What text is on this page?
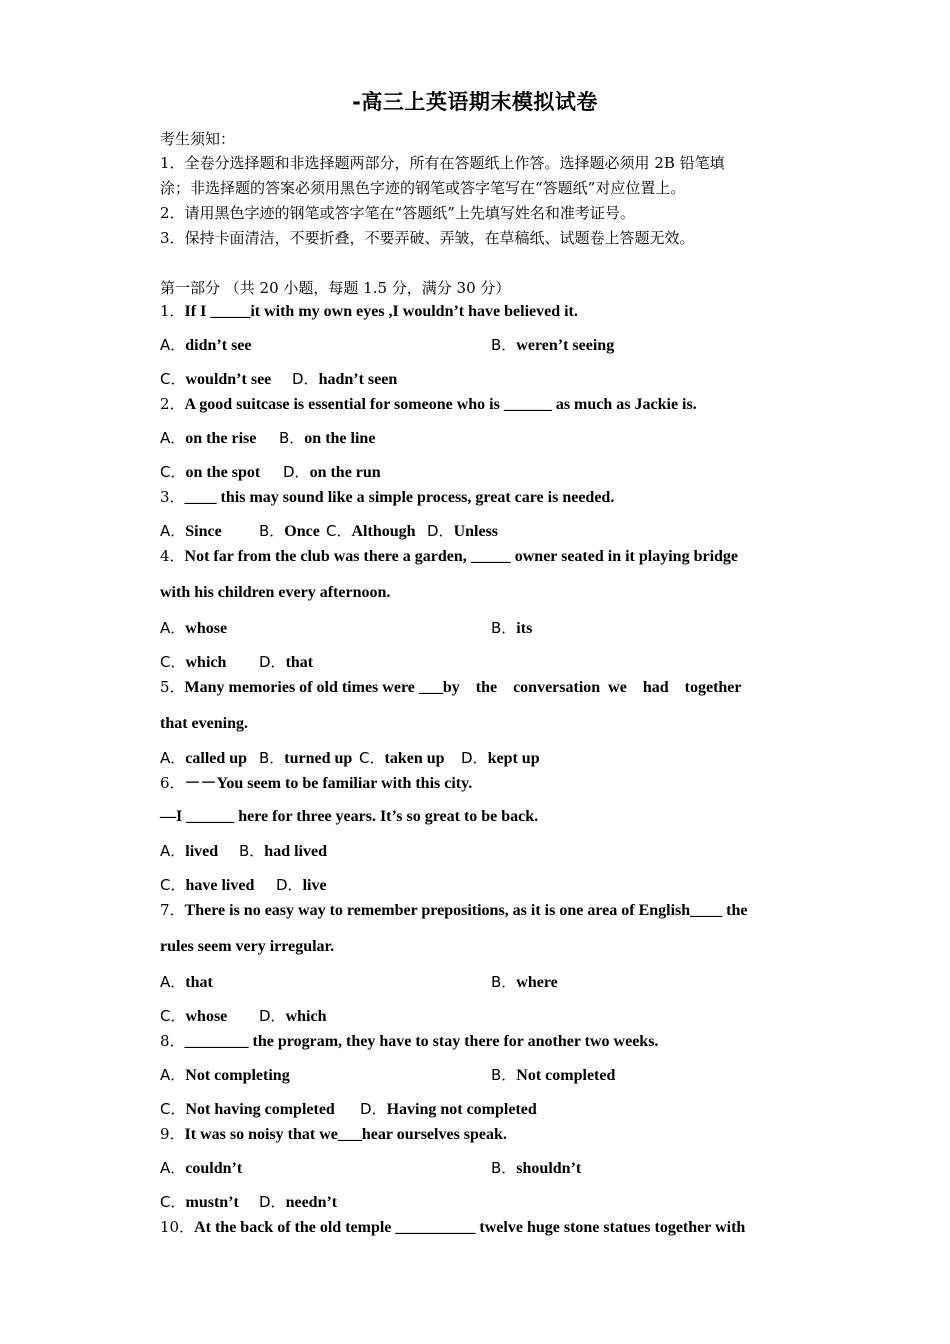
-高三上英语期末模拟试卷
考生须知：
1．全卷分选择题和非选择题两部分，所有在答题纸上作答。选择题必须用 2B 铅笔填
涂；非选择题的答案必须用黑色字迹的钢笔或答字笔写在“答题纸”对应位置上。
2．请用黑色字迹的钢笔或答字笔在“答题纸”上先填写姓名和准考证号。
3．保持卡面清洁，不要折叠，不要弄破、弄皱，在草稿纸、试题卷上答题无效。
第一部分 （共 20 小题，每题 1.5 分，满分 30 分）
1．If I _____it with my own eyes ,I wouldn’t have believed it.
A．didn’t see	B．weren’t seeing
C．wouldn’t see D．hadn’t seen
2．A good suitcase is essential for someone who is ______ as much as Jackie is.
A．on the rise B．on the line
C．on the spot D．on the run
3．____ this may sound like a simple process, great care is needed.
A．Since B．Once C．Although D．Unless
4．Not far from the club was there a garden, _____ owner seated in it playing bridge
with his children every afternoon.
A．whose	B．its
C．which D．that
5．Many memories of old times were ___by    the    conversation  we    had    together
that evening.
A．called up B．turned up C．taken up D．kept up
6．－－You seem to be familiar with this city.
—I ______ here for three years. It’s so great to be back.
A．lived B．had lived
C．have lived D．live
7．There is no easy way to remember prepositions, as it is one area of English____ the
rules seem very irregular.
A．that	B．where
C．whose D．which
8．________ the program, they have to stay there for another two weeks.
A．Not completing	B．Not completed
C．Not having completed D．Having not completed
9．It was so noisy that we___hear ourselves speak.
A．couldn’t	B．shouldn’t
C．mustn’t D．needn’t
10．At the back of the old temple __________ twelve huge stone statues together with
